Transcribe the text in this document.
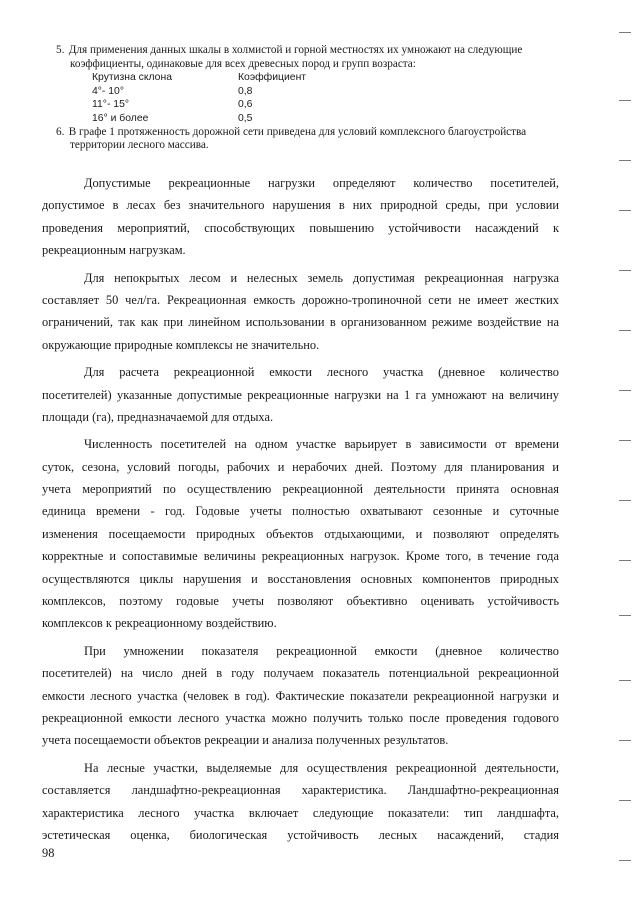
5. Для применения данных шкалы в холмистой и горной местностях их умножают на следующие
коэффициенты, одинаковые для всех древесных пород и групп возраста:

Крутизна склона	Коэффициент
4°- 10°	0,8
11°- 15°	0,6
16° и более	0,5

6. В графе 1 протяженность дорожной сети приведена для условий комплексного благоустройства
территории лесного массива.

Допустимые рекреационные нагрузки определяют количество посетителей,
допустимое в лесах без значительного нарушения в них природной среды, при условии
проведения мероприятий, способствующих повышению устойчивости насаждений к
рекреационным нагрузкам.
Для непокрытых лесом и нелесных земель допустимая рекреационная нагрузка
составляет 50 чел/га. Рекреационная емкость дорожно-тропиночной сети не имеет жестких
ограничений, так как при линейном использовании в организованном режиме воздействие на
окружающие природные комплексы не значительно.
Для расчета рекреационной емкости лесного участка (дневное количество
посетителей) указанные допустимые рекреационные нагрузки на 1 га умножают на величину
площади (га), предназначаемой для отдыха.
Численность посетителей на одном участке варьирует в зависимости от времени
суток, сезона, условий погоды, рабочих и нерабочих дней. Поэтому для планирования и
учета мероприятий по осуществлению рекреационной деятельности принята основная
единица времени - год. Годовые учеты полностью охватывают сезонные и суточные
изменения посещаемости природных объектов отдыхающими, и позволяют определять
корректные и сопоставимые величины рекреационных нагрузок. Кроме того, в течение года
осуществляются циклы нарушения и восстановления основных компонентов природных
комплексов, поэтому годовые учеты позволяют объективно оценивать устойчивость
комплексов к рекреационному воздействию.
При умножении показателя рекреационной емкости (дневное количество
посетителей) на число дней в году получаем показатель потенциальной рекреационной
емкости лесного участка (человек в год). Фактические показатели рекреационной нагрузки и
рекреационной емкости лесного участка можно получить только после проведения годового
учета посещаемости объектов рекреации и анализа полученных результатов.
На лесные участки, выделяемые для осуществления рекреационной деятельности,
составляется ландшафтно-рекреационная характеристика. Ландшафтно-рекреационная
характеристика лесного участка включает следующие показатели: тип ландшафта,
эстетическая оценка, биологическая устойчивость лесных насаждений, стадия
98
